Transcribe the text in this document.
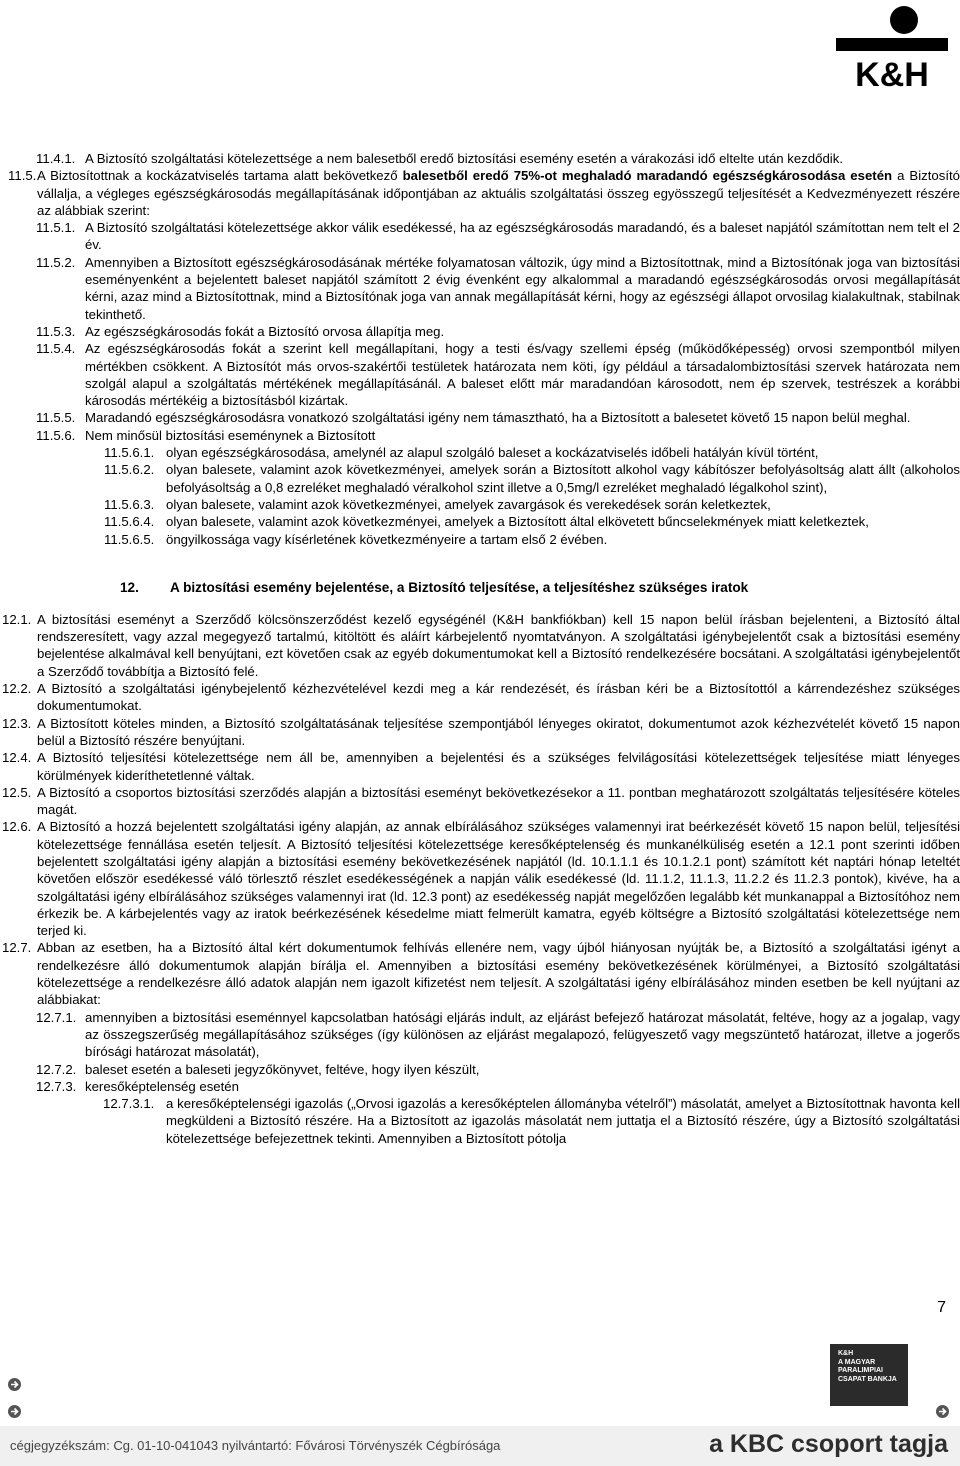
K&H

11.4.1. A Biztosító szolgáltatási kötelezettsége a nem balesetből eredő biztosítási esemény esetén a várakozási idő eltelte után kezdődik.

11.5. A Biztosítottnak a kockázatviselés tartama alatt bekövetkező balesetből eredő 75%-ot meghaladó maradandó egészségkárosodása esetén a Biztosító vállalja, a végleges egészségkárosodás megállapításának időpontjában az aktuális szolgáltatási összeg egyösszegű teljesítését a Kedvezményezett részére az alábbiak szerint:

11.5.1. A Biztosító szolgáltatási kötelezettsége akkor válik esedékessé, ha az egészségkárosodás maradandó, és a baleset napjától számítottan nem telt el 2 év.

11.5.2. Amennyiben a Biztosított egészségkárosodásának mértéke folyamatosan változik, úgy mind a Biztosítottnak, mind a Biztosítónak joga van biztosítási eseményenként a bejelentett baleset napjától számított 2 évig évenként egy alkalommal a maradandó egészségkárosodás orvosi megállapítását kérni, azaz mind a Biztosítottnak, mind a Biztosítónak joga van annak megállapítását kérni, hogy az egészségi állapot orvosilag kialakultnak, stabilnak tekinthető.

11.5.3. Az egészségkárosodás fokát a Biztosító orvosa állapítja meg.

11.5.4. Az egészségkárosodás fokát a szerint kell megállapítani, hogy a testi és/vagy szellemi épség (működőképesség) orvosi szempontból milyen mértékben csökkent. A Biztosítót más orvos-szakértői testületek határozata nem köti, így például a társadalombiztosítási szervek határozata nem szolgál alapul a szolgáltatás mértékének megállapításánál. A baleset előtt már maradandóan károsodott, nem ép szervek, testrészek a korábbi károsodás mértékéig a biztosításból kizártak.

11.5.5. Maradandó egészségkárosodásra vonatkozó szolgáltatási igény nem támasztható, ha a Biztosított a balesetet követő 15 napon belül meghal.

11.5.6. Nem minősül biztosítási eseménynek a Biztosított

11.5.6.1. olyan egészségkárosodása, amelynél az alapul szolgáló baleset a kockázatviselés időbeli hatályán kívül történt,

11.5.6.2. olyan balesete, valamint azok következményei, amelyek során a Biztosított alkohol vagy kábítószer befolyásoltság alatt állt (alkoholos befolyásoltság a 0,8 ezreléket meghaladó véralkohol szint illetve a 0,5mg/l ezreléket meghaladó légalkohol szint),

11.5.6.3. olyan balesete, valamint azok következményei, amelyek zavargások és verekedések során keletkeztek,

11.5.6.4. olyan balesete, valamint azok következményei, amelyek a Biztosított által elkövetett bűncselekmények miatt keletkeztek,

11.5.6.5. öngyilkossága vagy kísérletének következményeire a tartam első 2 évében.

12. A biztosítási esemény bejelentése, a Biztosító teljesítése, a teljesítéshez szükséges iratok

12.1. A biztosítási eseményt a Szerződő kölcsönszerződést kezelő egységénél (K&H bankfiókban) kell 15 napon belül írásban bejelenteni, a Biztosító által rendszeresített, vagy azzal megegyező tartalmú, kitöltött és aláírt kárbejelentő nyomtatványon. A szolgáltatási igénybejelentőt csak a biztosítási esemény bejelentése alkalmával kell benyújtani, ezt követően csak az egyéb dokumentumokat kell a Biztosító rendelkezésére bocsátani. A szolgáltatási igénybejelentőt a Szerződő továbbítja a Biztosító felé.

12.2. A Biztosító a szolgáltatási igénybejelentő kézhezvételével kezdi meg a kár rendezését, és írásban kéri be a Biztosítottól a kárrendezéshez szükséges dokumentumokat.

12.3. A Biztosított köteles minden, a Biztosító szolgáltatásának teljesítése szempontjából lényeges okiratot, dokumentumot azok kézhezvételét követő 15 napon belül a Biztosító részére benyújtani.

12.4. A Biztosító teljesítési kötelezettsége nem áll be, amennyiben a bejelentési és a szükséges felvilágosítási kötelezettségek teljesítése miatt lényeges körülmények kideríthetetlenné váltak.

12.5. A Biztosító a csoportos biztosítási szerződés alapján a biztosítási eseményt bekövetkezésekor a 11. pontban meghatározott szolgáltatás teljesítésére köteles magát.

12.6. A Biztosító a hozzá bejelentett szolgáltatási igény alapján, az annak elbírálásához szükséges valamennyi irat beérkezését követő 15 napon belül, teljesítési kötelezettsége fennállása esetén teljesít. A Biztosító teljesítési kötelezettsége keresőképtelenség és munkanélküliség esetén a 12.1 pont szerinti időben bejelentett szolgáltatási igény alapján a biztosítási esemény bekövetkezésének napjától (ld. 10.1.1.1 és 10.1.2.1 pont) számított két naptári hónap leteltét követően először esedékessé váló törlesztő részlet esedékességének a napján válik esedékessé (ld. 11.1.2, 11.1.3, 11.2.2 és 11.2.3 pontok), kivéve, ha a szolgáltatási igény elbírálásához szükséges valamennyi irat (ld. 12.3 pont) az esedékesség napját megelőzően legalább két munkanappal a Biztosítóhoz nem érkezik be. A kárbejelentés vagy az iratok beérkezésének késedelme miatt felmerült kamatra, egyéb költségre a Biztosító szolgáltatási kötelezettsége nem terjed ki.

12.7. Abban az esetben, ha a Biztosító által kért dokumentumok felhívás ellenére nem, vagy újból hiányosan nyújták be, a Biztosító a szolgáltatási igényt a rendelkezésre álló dokumentumok alapján bírálja el. Amennyiben a biztosítási esemény bekövetkezésének körülményei, a Biztosító szolgáltatási kötelezettsége a rendelkezésre álló adatok alapján nem igazolt kifizetést nem teljesít. A szolgáltatási igény elbírálásához minden esetben be kell nyújtani az alábbiakat:

12.7.1. amennyiben a biztosítási eseménnyel kapcsolatban hatósági eljárás indult, az eljárást befejező határozat másolatát, feltéve, hogy az a jogalap, vagy az összegszerűség megállapításához szükséges (így különösen az eljárást megalapozó, felügyeszető vagy megszüntető határozat, illetve a jogerős bírósági határozat másolatát),

12.7.2. baleset esetén a baleseti jegyzőkönyvet, feltéve, hogy ilyen készült,

12.7.3. keresőképtelenség esetén

12.7.3.1. a keresőképtelenségi igazolás („Orvosi igazolás a keresőképtelen állományba vételről”) másolatát, amelyet a Biztosítottnak havonta kell megküldeni a Biztosító részére. Ha a Biztosított az igazolás másolatát nem juttatja el a Biztosító részére, úgy a Biztosító szolgáltatási kötelezettsége befejezettnek tekinti. Amennyiben a Biztosított pótolja

7
K&H
A MAGYAR
PARALIMPIAI
CSAPAT BANKJA
cégjegyzékszám: Cg. 01-10-041043 nyilvántartó: Fővárosi Törvényszék Cégbírósága	a KBC csoport tagja
